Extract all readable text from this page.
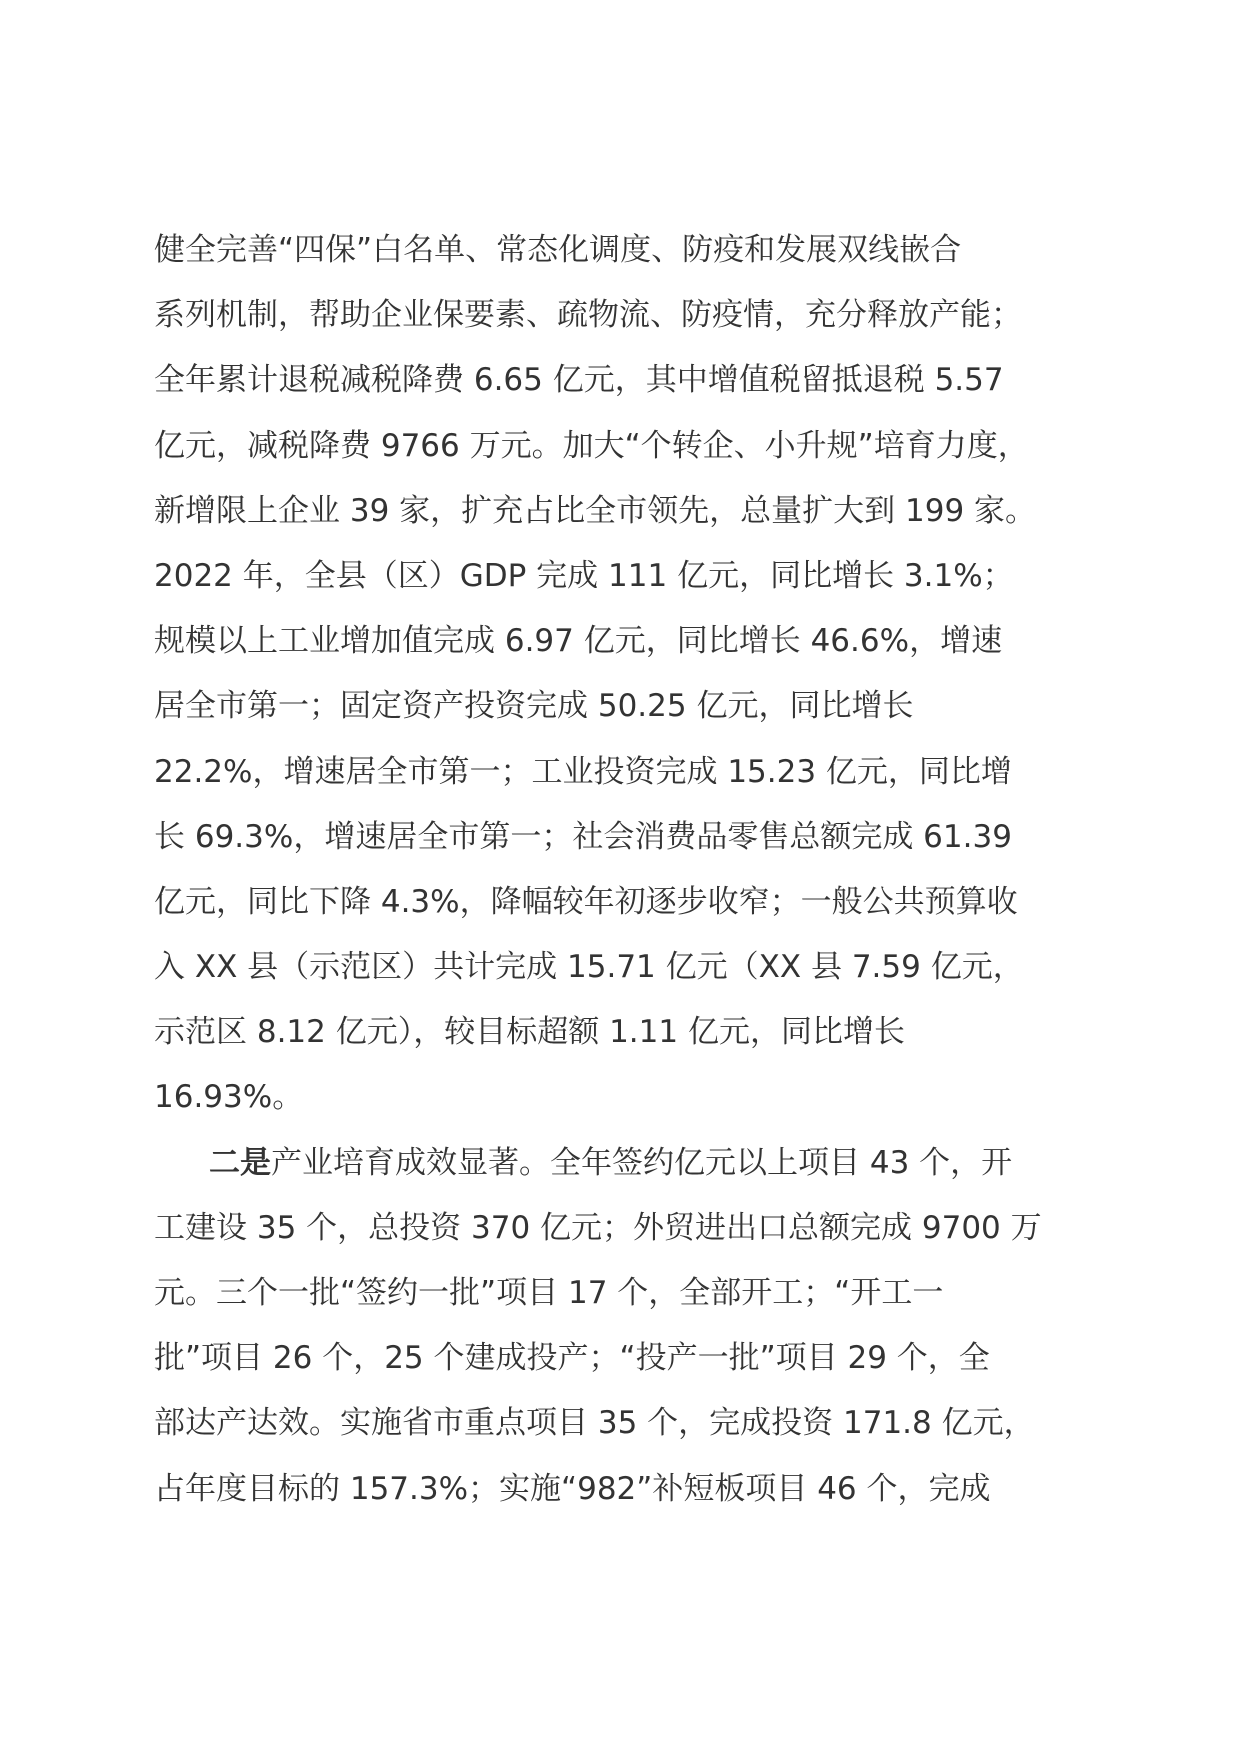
健全完善“四保”白名单、常态化调度、防疫和发展双线嵌合
系列机制，帮助企业保要素、疏物流、防疫情，充分释放产能；
全年累计退税减税降费 6.65 亿元，其中增值税留抵退税 5.57
亿元，减税降费 9766 万元。加大“个转企、小升规”培育力度，
新增限上企业 39 家，扩充占比全市领先，总量扩大到 199 家。
2022 年，全县（区）GDP 完成 111 亿元，同比增长 3.1%；
规模以上工业增加值完成 6.97 亿元，同比增长 46.6%，增速
居全市第一；固定资产投资完成 50.25 亿元，同比增长
22.2%，增速居全市第一；工业投资完成 15.23 亿元，同比增
长 69.3%，增速居全市第一；社会消费品零售总额完成 61.39
亿元，同比下降 4.3%，降幅较年初逐步收窄；一般公共预算收
入 XX 县（示范区）共计完成 15.71 亿元（XX 县 7.59 亿元，
示范区 8.12 亿元），较目标超额 1.11 亿元，同比增长
16.93%。
二是产业培育成效显著。全年签约亿元以上项目 43 个，开
工建设 35 个，总投资 370 亿元；外贸进出口总额完成 9700 万
元。三个一批“签约一批”项目 17 个，全部开工；“开工一
批”项目 26 个，25 个建成投产；“投产一批”项目 29 个，全
部达产达效。实施省市重点项目 35 个，完成投资 171.8 亿元，
占年度目标的 157.3%；实施“982”补短板项目 46 个，完成
